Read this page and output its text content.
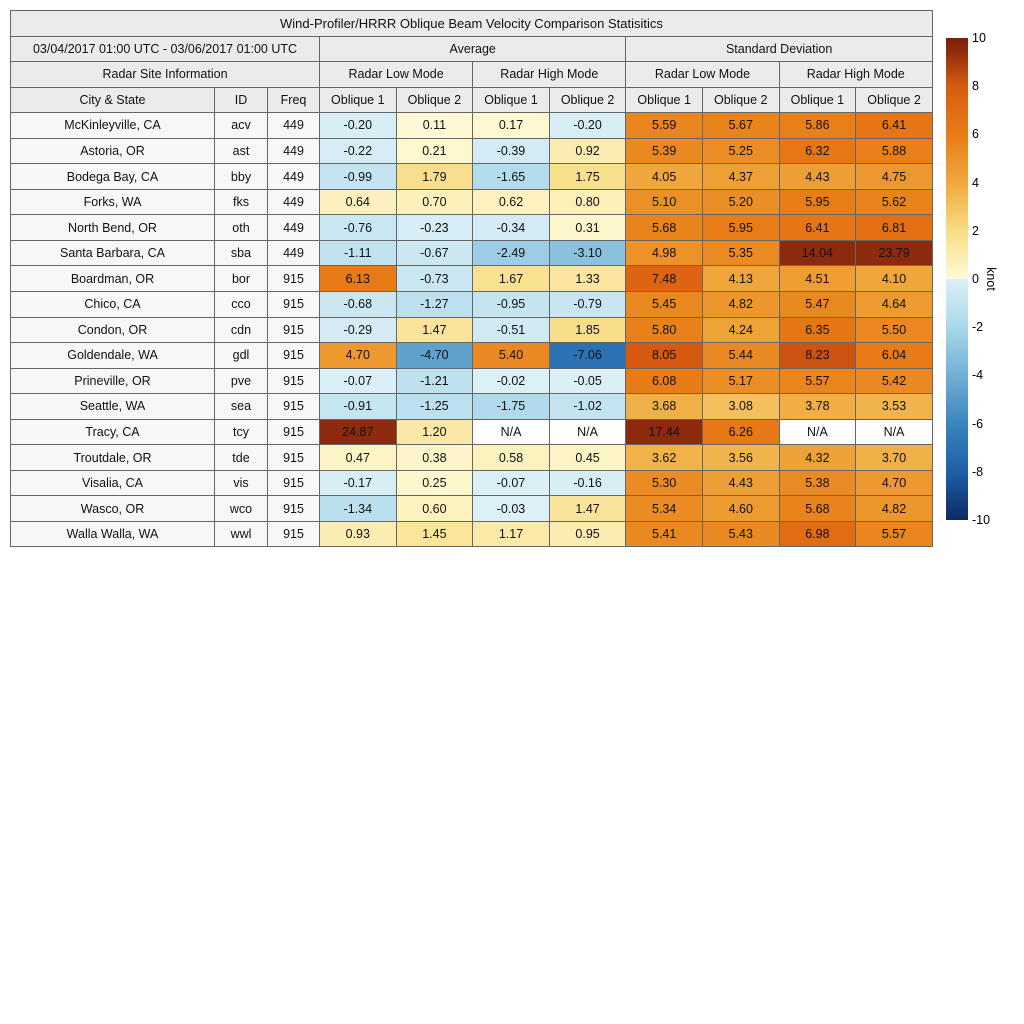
Wind-Profiler/HRRR Oblique Beam Velocity Comparison Statisitics										
03/04/2017 01:00 UTC - 03/06/2017 01:00 UTC			Average				Standard Deviation			
Radar Site Information			Radar Low Mode		Radar High Mode		Radar Low Mode		Radar High Mode	
City & State	ID	Freq	Oblique 1	Oblique 2	Oblique 1	Oblique 2	Oblique 1	Oblique 2	Oblique 1	Oblique 2
McKinleyville, CA	acv	449	-0.20	0.11	0.17	-0.20	5.59	5.67	5.86	6.41
Astoria, OR	ast	449	-0.22	0.21	-0.39	0.92	5.39	5.25	6.32	5.88
Bodega Bay, CA	bby	449	-0.99	1.79	-1.65	1.75	4.05	4.37	4.43	4.75
Forks, WA	fks	449	0.64	0.70	0.62	0.80	5.10	5.20	5.95	5.62
North Bend, OR	oth	449	-0.76	-0.23	-0.34	0.31	5.68	5.95	6.41	6.81
Santa Barbara, CA	sba	449	-1.11	-0.67	-2.49	-3.10	4.98	5.35	14.04	23.79
Boardman, OR	bor	915	6.13	-0.73	1.67	1.33	7.48	4.13	4.51	4.10
Chico, CA	cco	915	-0.68	-1.27	-0.95	-0.79	5.45	4.82	5.47	4.64
Condon, OR	cdn	915	-0.29	1.47	-0.51	1.85	5.80	4.24	6.35	5.50
Goldendale, WA	gdl	915	4.70	-4.70	5.40	-7.06	8.05	5.44	8.23	6.04
Prineville, OR	pve	915	-0.07	-1.21	-0.02	-0.05	6.08	5.17	5.57	5.42
Seattle, WA	sea	915	-0.91	-1.25	-1.75	-1.02	3.68	3.08	3.78	3.53
Tracy, CA	tcy	915	24.87	1.20	N/A	N/A	17.44	6.26	N/A	N/A
Troutdale, OR	tde	915	0.47	0.38	0.58	0.45	3.62	3.56	4.32	3.70
Visalia, CA	vis	915	-0.17	0.25	-0.07	-0.16	5.30	4.43	5.38	4.70
Wasco, OR	wco	915	-1.34	0.60	-0.03	1.47	5.34	4.60	5.68	4.82
Walla Walla, WA	wwl	915	0.93	1.45	1.17	0.95	5.41	5.43	6.98	5.57
10
8
6
4
2
0
-2
-4
-6
-8
-10
knot
